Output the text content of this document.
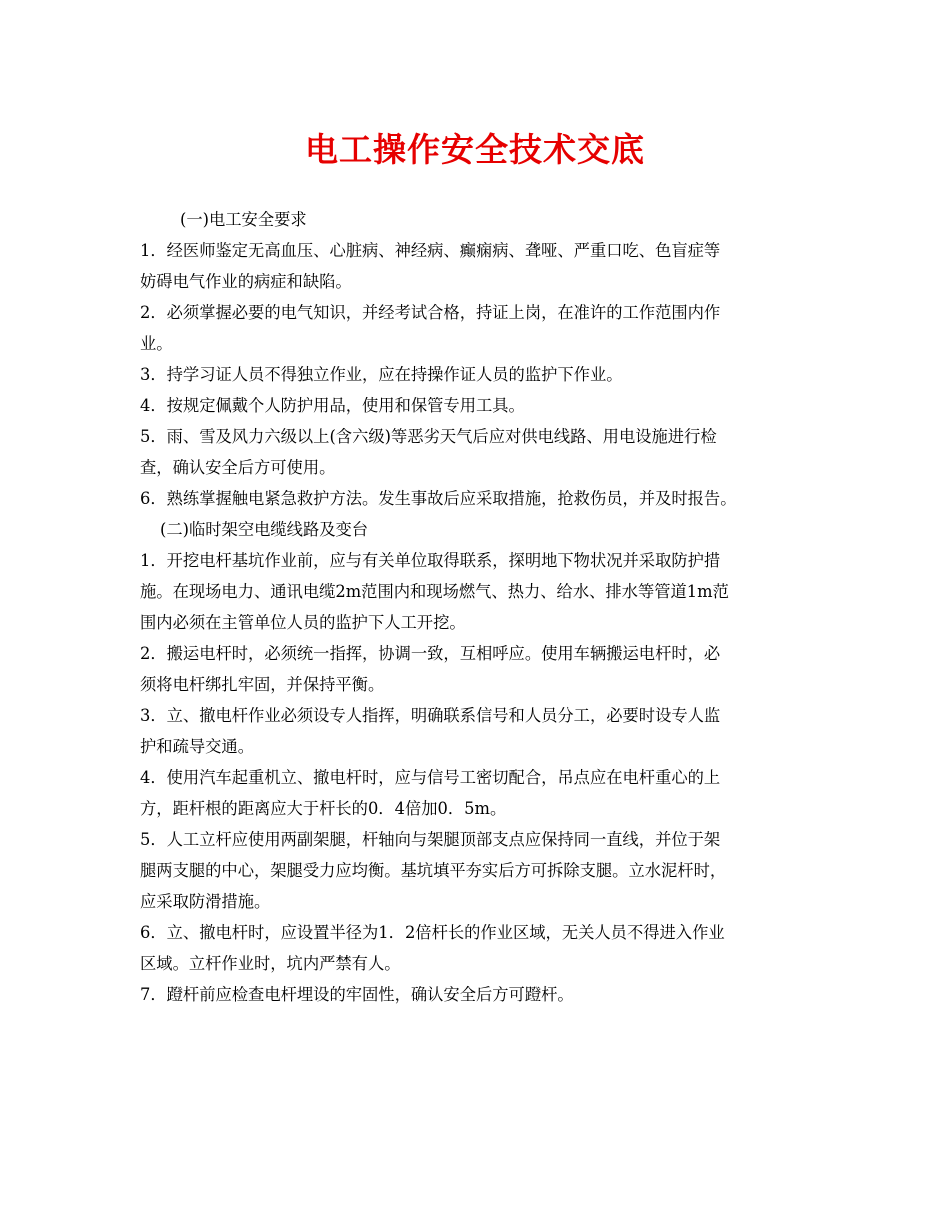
电工操作安全技术交底

(一)电工安全要求

1．经医师鉴定无高血压、心脏病、神经病、癫痫病、聋哑、严重口吃、色盲症等

妨碍电气作业的病症和缺陷。

2．必须掌握必要的电气知识，并经考试合格，持证上岗，在准许的工作范围内作

业。

3．持学习证人员不得独立作业，应在持操作证人员的监护下作业。

4．按规定佩戴个人防护用品，使用和保管专用工具。

5．雨、雪及风力六级以上(含六级)等恶劣天气后应对供电线路、用电设施进行检

查，确认安全后方可使用。

6．熟练掌握触电紧急救护方法。发生事故后应采取措施，抢救伤员，并及时报告。

(二)临时架空电缆线路及变台

1．开挖电杆基坑作业前，应与有关单位取得联系，探明地下物状况并采取防护措

施。在现场电力、通讯电缆2m范围内和现场燃气、热力、给水、排水等管道1m范

围内必须在主管单位人员的监护下人工开挖。

2．搬运电杆时，必须统一指挥，协调一致，互相呼应。使用车辆搬运电杆时，必

须将电杆绑扎牢固，并保持平衡。

3．立、撤电杆作业必须设专人指挥，明确联系信号和人员分工，必要时设专人监

护和疏导交通。

4．使用汽车起重机立、撤电杆时，应与信号工密切配合，吊点应在电杆重心的上

方，距杆根的距离应大于杆长的0．4倍加0．5m。

5．人工立杆应使用两副架腿，杆轴向与架腿顶部支点应保持同一直线，并位于架

腿两支腿的中心，架腿受力应均衡。基坑填平夯实后方可拆除支腿。立水泥杆时，

应采取防滑措施。

6．立、撤电杆时，应设置半径为1．2倍杆长的作业区域，无关人员不得进入作业

区域。立杆作业时，坑内严禁有人。

7．蹬杆前应检查电杆埋设的牢固性，确认安全后方可蹬杆。
